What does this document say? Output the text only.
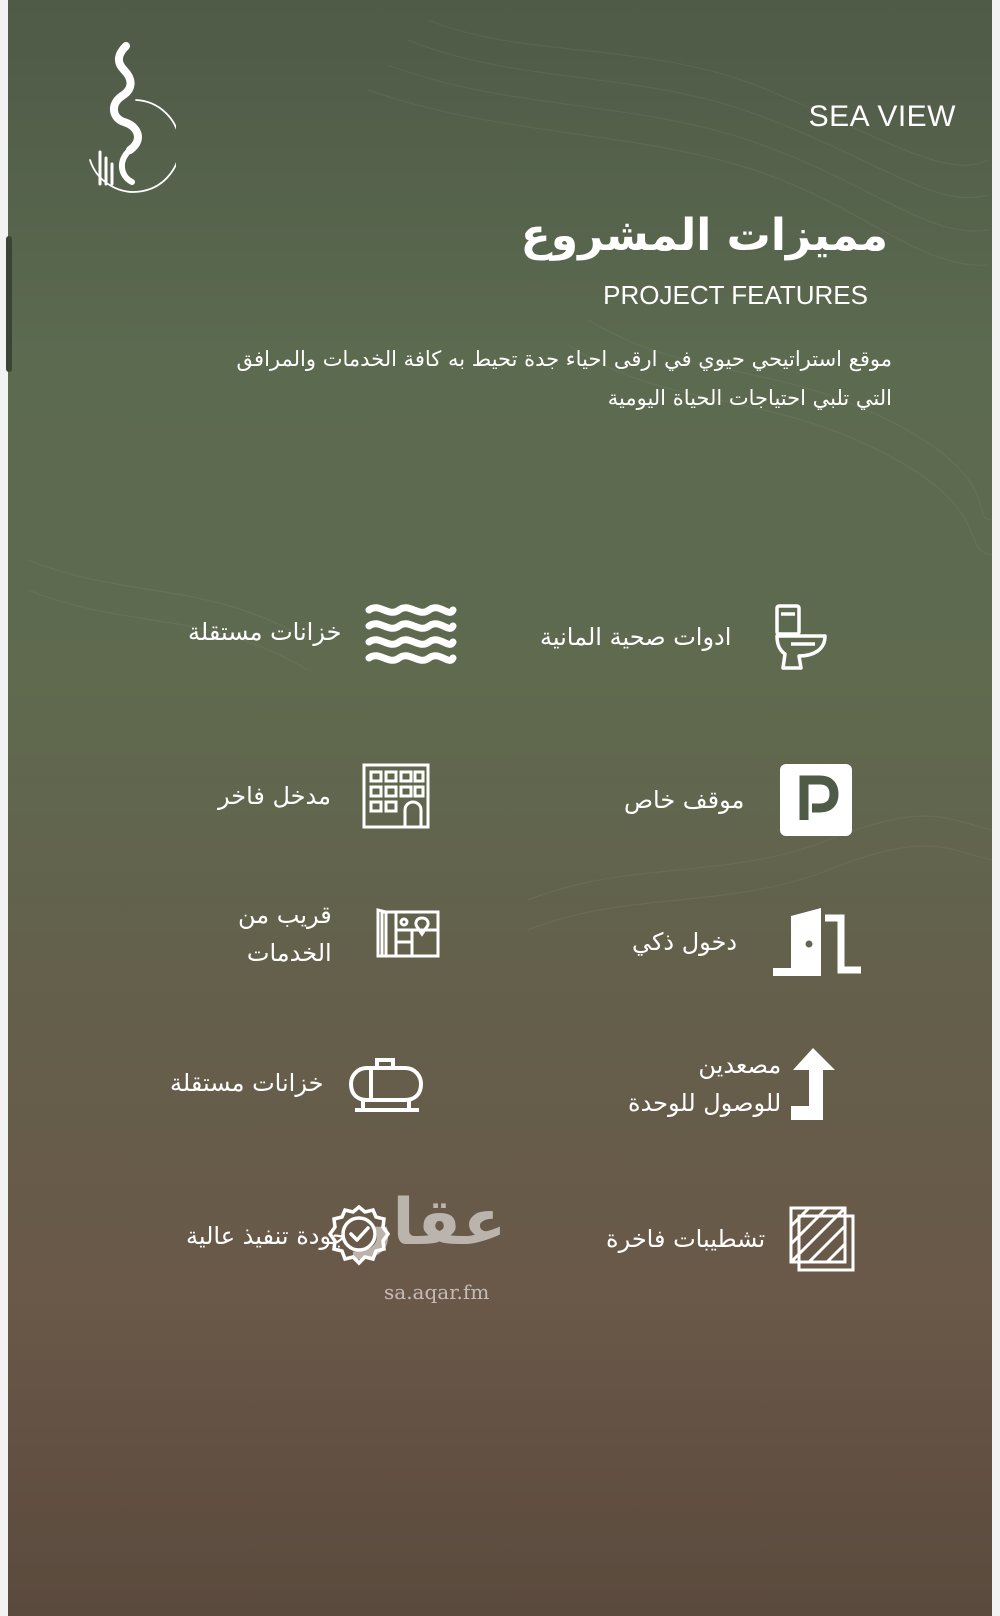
SEA VIEW
مميزات المشروع
PROJECT FEATURES
موقع استراتيحي حيوي في ارقى احياء جدة تحيط به كافة الخدمات والمرافق
التي تلبي احتياجات الحياة اليومية
ادوات صحية المانية
خزانات مستقلة
موقف خاص
مدخل فاخر
دخول ذكي
قريب من
الخدمات
مصعدين
للوصول للوحدة
خزانات مستقلة
تشطيبات فاخرة
جودة تنفيذ عالية عقار
sa.aqar.fm
